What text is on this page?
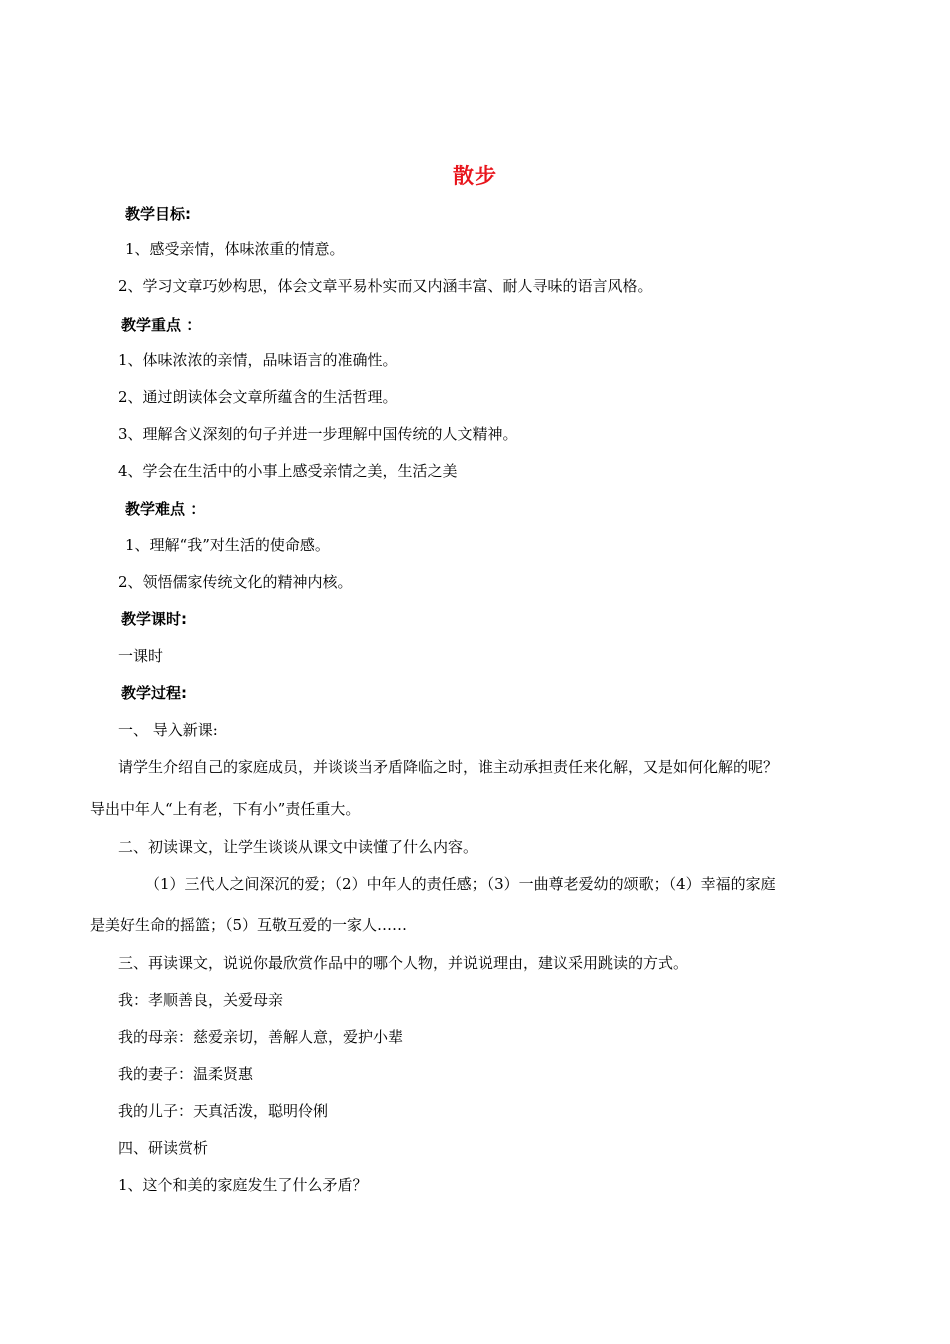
散步
教学目标:
1、感受亲情，体味浓重的情意。
2、学习文章巧妙构思，体会文章平易朴实而又内涵丰富、耐人寻味的语言风格。
教学重点 ：
1、体味浓浓的亲情，品味语言的准确性。
2、通过朗读体会文章所蕴含的生活哲理。
3、理解含义深刻的句子并进一步理解中国传统的人文精神。
4、学会在生活中的小事上感受亲情之美，生活之美
教学难点 ：
1、理解“我”对生活的使命感。
2、领悟儒家传统文化的精神内核。
教学课时:
一课时
教学过程:
一、 导入新课:
请学生介绍自己的家庭成员，并谈谈当矛盾降临之时，谁主动承担责任来化解，又是如何化解的呢？
导出中年人“上有老，下有小”责任重大。
二、初读课文，让学生谈谈从课文中读懂了什么内容。
（1）三代人之间深沉的爱；（2）中年人的责任感；（3）一曲尊老爱幼的颂歌；（4）幸福的家庭
是美好生命的摇篮；（5）互敬互爱的一家人……
三、再读课文，说说你最欣赏作品中的哪个人物，并说说理由，建议采用跳读的方式。
我：孝顺善良，关爱母亲
我的母亲：慈爱亲切，善解人意，爱护小辈
我的妻子：温柔贤惠
我的儿子：天真活泼，聪明伶俐
四、研读赏析
1、这个和美的家庭发生了什么矛盾？
